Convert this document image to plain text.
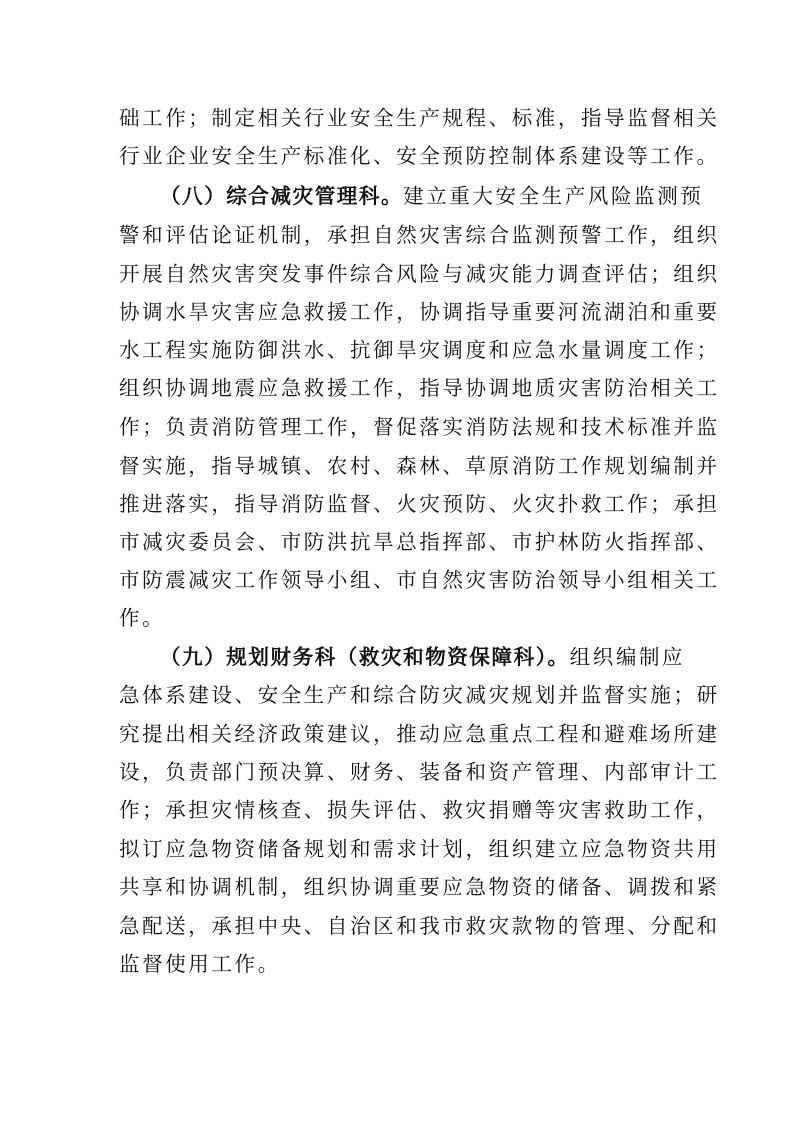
础工作；制定相关行业安全生产规程、标准，指导监督相关
行业企业安全生产标准化、安全预防控制体系建设等工作。
（八）综合减灾管理科。建立重大安全生产风险监测预
警和评估论证机制，承担自然灾害综合监测预警工作，组织
开展自然灾害突发事件综合风险与减灾能力调查评估；组织
协调水旱灾害应急救援工作，协调指导重要河流湖泊和重要
水工程实施防御洪水、抗御旱灾调度和应急水量调度工作；
组织协调地震应急救援工作，指导协调地质灾害防治相关工
作；负责消防管理工作，督促落实消防法规和技术标准并监
督实施，指导城镇、农村、森林、草原消防工作规划编制并
推进落实，指导消防监督、火灾预防、火灾扑救工作；承担
市减灾委员会、市防洪抗旱总指挥部、市护林防火指挥部、
市防震减灾工作领导小组、市自然灾害防治领导小组相关工
作。
（九）规划财务科（救灾和物资保障科）。组织编制应
急体系建设、安全生产和综合防灾减灾规划并监督实施；研
究提出相关经济政策建议，推动应急重点工程和避难场所建
设，负责部门预决算、财务、装备和资产管理、内部审计工
作；承担灾情核查、损失评估、救灾捐赠等灾害救助工作，
拟订应急物资储备规划和需求计划，组织建立应急物资共用
共享和协调机制，组织协调重要应急物资的储备、调拨和紧
急配送，承担中央、自治区和我市救灾款物的管理、分配和
监督使用工作。
